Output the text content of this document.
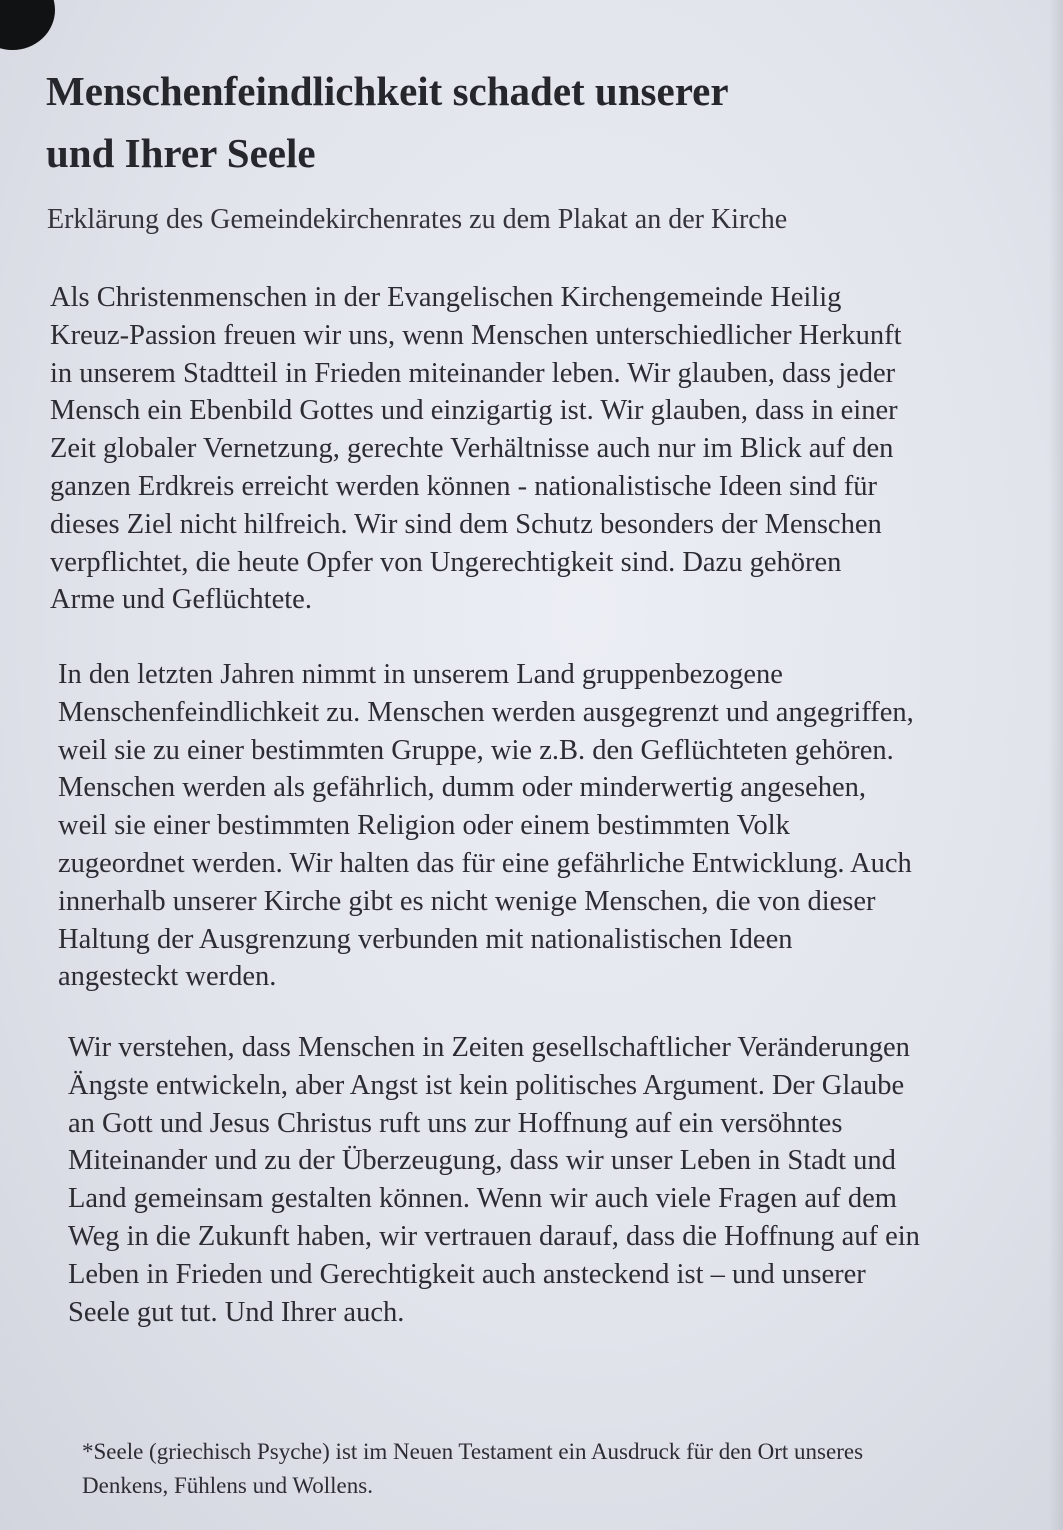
Menschenfeindlichkeit schadet unserer
und Ihrer Seele

Erklärung des Gemeindekirchenrates zu dem Plakat an der Kirche

Als Christenmenschen in der Evangelischen Kirchengemeinde Heilig
Kreuz-Passion freuen wir uns, wenn Menschen unterschiedlicher Herkunft
in unserem Stadtteil in Frieden miteinander leben. Wir glauben, dass jeder
Mensch ein Ebenbild Gottes und einzigartig ist. Wir glauben, dass in einer
Zeit globaler Vernetzung, gerechte Verhältnisse auch nur im Blick auf den
ganzen Erdkreis erreicht werden können - nationalistische Ideen sind für
dieses Ziel nicht hilfreich. Wir sind dem Schutz besonders der Menschen
verpflichtet, die heute Opfer von Ungerechtigkeit sind. Dazu gehören
Arme und Geflüchtete.

In den letzten Jahren nimmt in unserem Land gruppenbezogene
Menschenfeindlichkeit zu. Menschen werden ausgegrenzt und angegriffen,
weil sie zu einer bestimmten Gruppe, wie z.B. den Geflüchteten gehören.
Menschen werden als gefährlich, dumm oder minderwertig angesehen,
weil sie einer bestimmten Religion oder einem bestimmten Volk
zugeordnet werden. Wir halten das für eine gefährliche Entwicklung. Auch
innerhalb unserer Kirche gibt es nicht wenige Menschen, die von dieser
Haltung der Ausgrenzung verbunden mit nationalistischen Ideen
angesteckt werden.

Wir verstehen, dass Menschen in Zeiten gesellschaftlicher Veränderungen
Ängste entwickeln, aber Angst ist kein politisches Argument. Der Glaube
an Gott und Jesus Christus ruft uns zur Hoffnung auf ein versöhntes
Miteinander und zu der Überzeugung, dass wir unser Leben in Stadt und
Land gemeinsam gestalten können. Wenn wir auch viele Fragen auf dem
Weg in die Zukunft haben, wir vertrauen darauf, dass die Hoffnung auf ein
Leben in Frieden und Gerechtigkeit auch ansteckend ist – und unserer
Seele gut tut. Und Ihrer auch.

*Seele (griechisch Psyche) ist im Neuen Testament ein Ausdruck für den Ort unseres
Denkens, Fühlens und Wollens.
